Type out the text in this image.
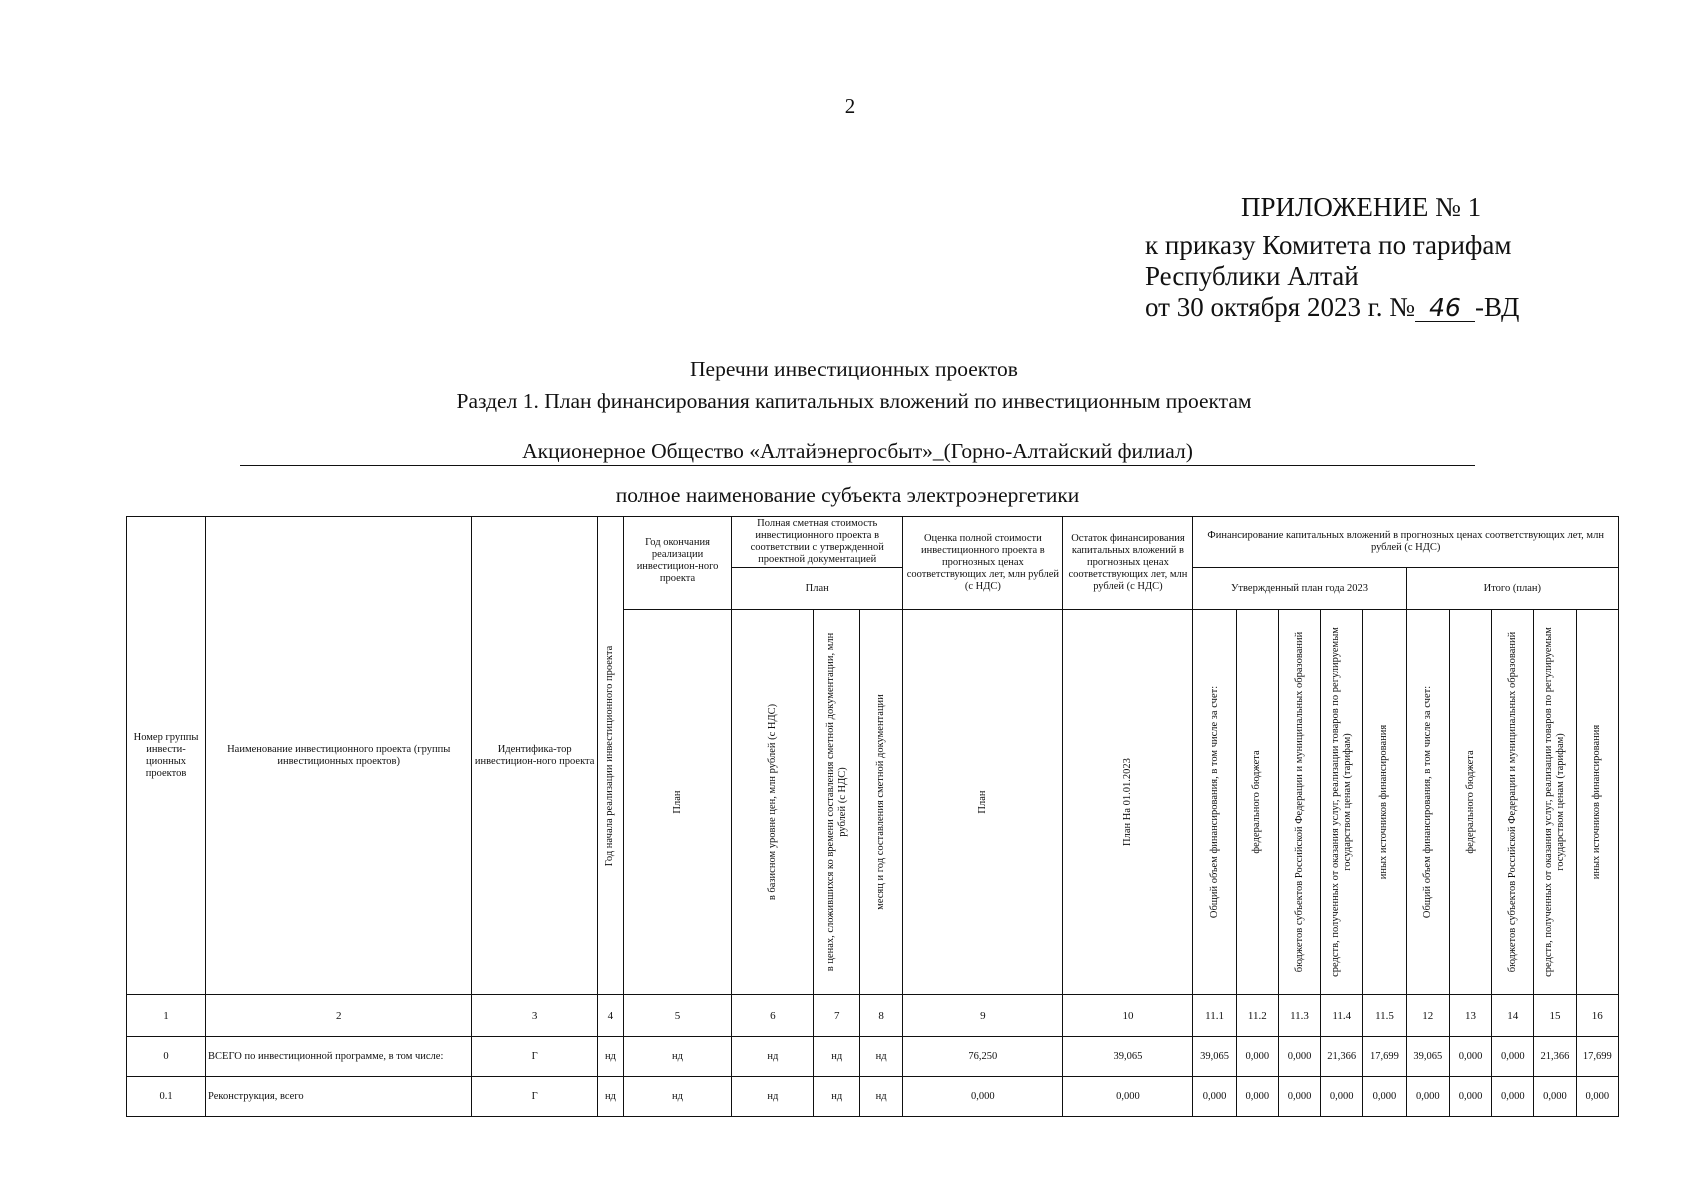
2
ПРИЛОЖЕНИЕ № 1
к приказу Комитета по тарифам
Республики Алтай
от 30 октября 2023 г. № 46 -ВД
Перечни инвестиционных проектов
Раздел 1. План финансирования капитальных вложений по инвестиционным проектам
Акционерное Общество «Алтайэнергосбыт»_(Горно-Алтайский филиал)
полное наименование субъекта электроэнергетики
Номер группы инвести-ционных проектов	Наименование инвестиционного проекта (группы инвестиционных проектов)	Идентифика-тор инвестицион-ного проекта	Год начала реализации инвестиционного проекта	Год окончания реализации инвестицион-ного проекта	Полная сметная стоимость инвестиционного проекта в соответствии с утвержденной проектной документацией			Оценка полной стоимости инвестиционного проекта в прогнозных ценах соответствующих лет, млн рублей (с НДС)	Остаток финансирования капитальных вложений в прогнозных ценах соответствующих лет, млн рублей (с НДС)	Финансирование капитальных вложений в прогнозных ценах соответствующих лет, млн рублей (с НДС)									
					План					Утвержденный план года 2023					Итого (план)				

				План	в базисном уровне цен, млн рублей (с НДС)	в ценах, сложившихся ко времени составления сметной документации, млн рублей (с НДС)	месяц и год составления сметной документации	План	План На 01.01.2023	Общий объем финансирования, в том числе за счет:	федерального бюджета	бюджетов субъектов Российской Федерации и муниципальных образований	средств, полученных от оказания услуг, реализации товаров по регулируемым государством ценам (тарифам)	иных источников финансирования	Общий объем финансирования, в том числе за счет:	федерального бюджета	бюджетов субъектов Российской Федерации и муниципальных образований	средств, полученных от оказания услуг, реализации товаров по регулируемым государством ценам (тарифам)	иных источников финансирования

1	2	3	4	5	6	7	8	9	10	11.1	11.2	11.3	11.4	11.5	12	13	14	15	16
0	ВСЕГО по инвестиционной программе, в том числе:	Г	нд	нд	нд	нд	нд	76,250	39,065	39,065	0,000	0,000	21,366	17,699	39,065	0,000	0,000	21,366	17,699
0.1	Реконструкция, всего	Г	нд	нд	нд	нд	нд	0,000	0,000	0,000	0,000	0,000	0,000	0,000	0,000	0,000	0,000	0,000	0,000
